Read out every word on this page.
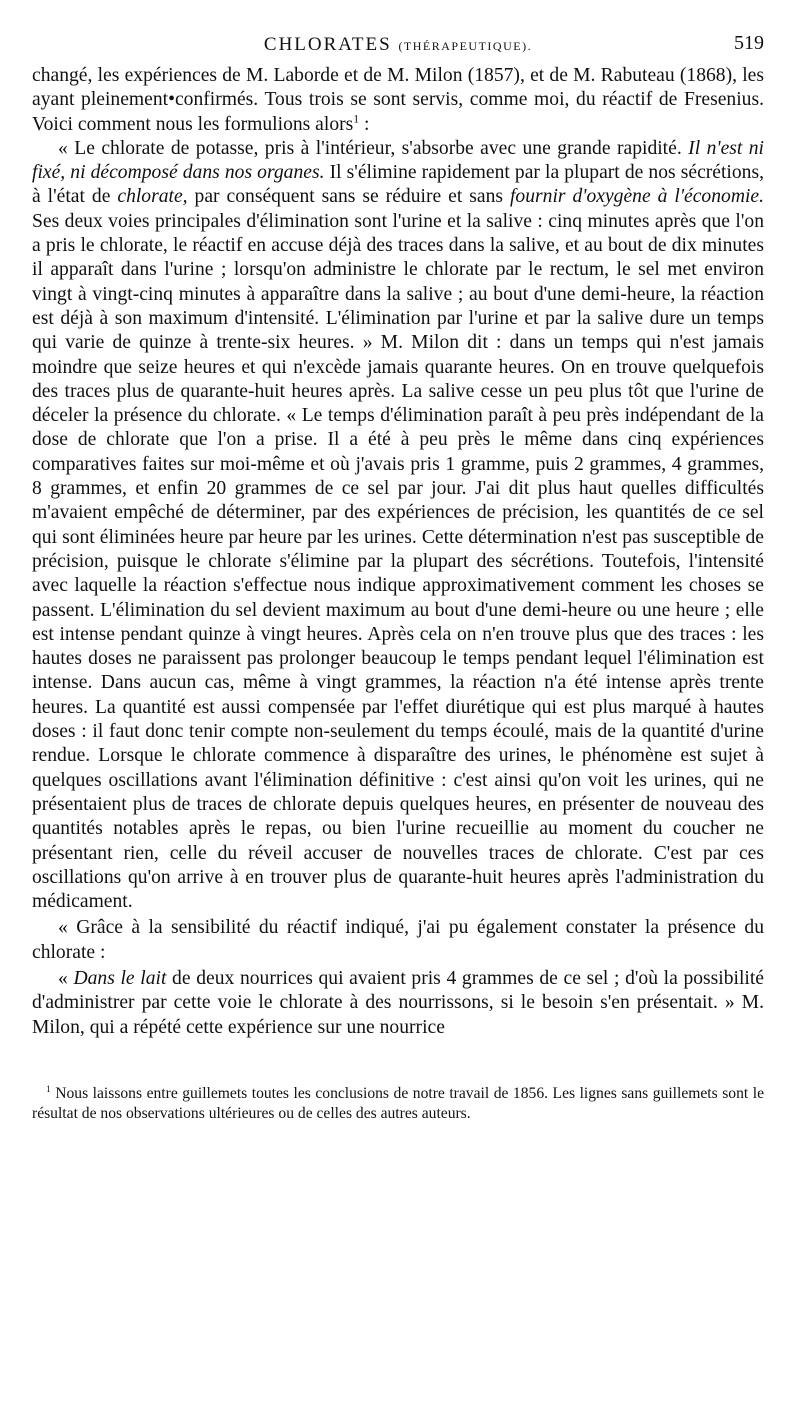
CHLORATES (THÉRAPEUTIQUE).	519

changé, les expériences de M. Laborde et de M. Milon (1857), et de M. Rabuteau (1868), les ayant pleinement•confirmés. Tous trois se sont servis, comme moi, du réactif de Fresenius. Voici comment nous les formulions alors$^1$ :

« Le chlorate de potasse, pris à l'intérieur, s'absorbe avec une grande rapidité. Il n'est ni fixé, ni décomposé dans nos organes. Il s'élimine rapidement par la plupart de nos sécrétions, à l'état de chlorate, par conséquent sans se réduire et sans fournir d'oxygène à l'économie. Ses deux voies principales d'élimination sont l'urine et la salive : cinq minutes après que l'on a pris le chlorate, le réactif en accuse déjà des traces dans la salive, et au bout de dix minutes il apparaît dans l'urine ; lorsqu'on administre le chlorate par le rectum, le sel met environ vingt à vingt-cinq minutes à apparaître dans la salive ; au bout d'une demi-heure, la réaction est déjà à son maximum d'intensité. L'élimination par l'urine et par la salive dure un temps qui varie de quinze à trente-six heures. » M. Milon dit : dans un temps qui n'est jamais moindre que seize heures et qui n'excède jamais quarante heures. On en trouve quelquefois des traces plus de quarante-huit heures après. La salive cesse un peu plus tôt que l'urine de déceler la présence du chlorate. « Le temps d'élimination paraît à peu près indépendant de la dose de chlorate que l'on a prise. Il a été à peu près le même dans cinq expériences comparatives faites sur moi-même et où j'avais pris 1 gramme, puis 2 grammes, 4 grammes, 8 grammes, et enfin 20 grammes de ce sel par jour. J'ai dit plus haut quelles difficultés m'avaient empêché de déterminer, par des expériences de précision, les quantités de ce sel qui sont éliminées heure par heure par les urines. Cette détermination n'est pas susceptible de précision, puisque le chlorate s'élimine par la plupart des sécrétions. Toutefois, l'intensité avec laquelle la réaction s'effectue nous indique approximativement comment les choses se passent. L'élimination du sel devient maximum au bout d'une demi-heure ou une heure ; elle est intense pendant quinze à vingt heures. Après cela on n'en trouve plus que des traces : les hautes doses ne paraissent pas prolonger beaucoup le temps pendant lequel l'élimination est intense. Dans aucun cas, même à vingt grammes, la réaction n'a été intense après trente heures. La quantité est aussi compensée par l'effet diurétique qui est plus marqué à hautes doses : il faut donc tenir compte non-seulement du temps écoulé, mais de la quantité d'urine rendue. Lorsque le chlorate commence à disparaître des urines, le phénomène est sujet à quelques oscillations avant l'élimination définitive : c'est ainsi qu'on voit les urines, qui ne présentaient plus de traces de chlorate depuis quelques heures, en présenter de nouveau des quantités notables après le repas, ou bien l'urine recueillie au moment du coucher ne présentant rien, celle du réveil accuser de nouvelles traces de chlorate. C'est par ces oscillations qu'on arrive à en trouver plus de quarante-huit heures après l'administration du médicament.

« Grâce à la sensibilité du réactif indiqué, j'ai pu également constater la présence du chlorate :

« Dans le lait de deux nourrices qui avaient pris 4 grammes de ce sel ; d'où la possibilité d'administrer par cette voie le chlorate à des nourrissons, si le besoin s'en présentait. » M. Milon, qui a répété cette expérience sur une nourrice

$^1$ Nous laissons entre guillemets toutes les conclusions de notre travail de 1856. Les lignes sans guillemets sont le résultat de nos observations ultérieures ou de celles des autres auteurs.
